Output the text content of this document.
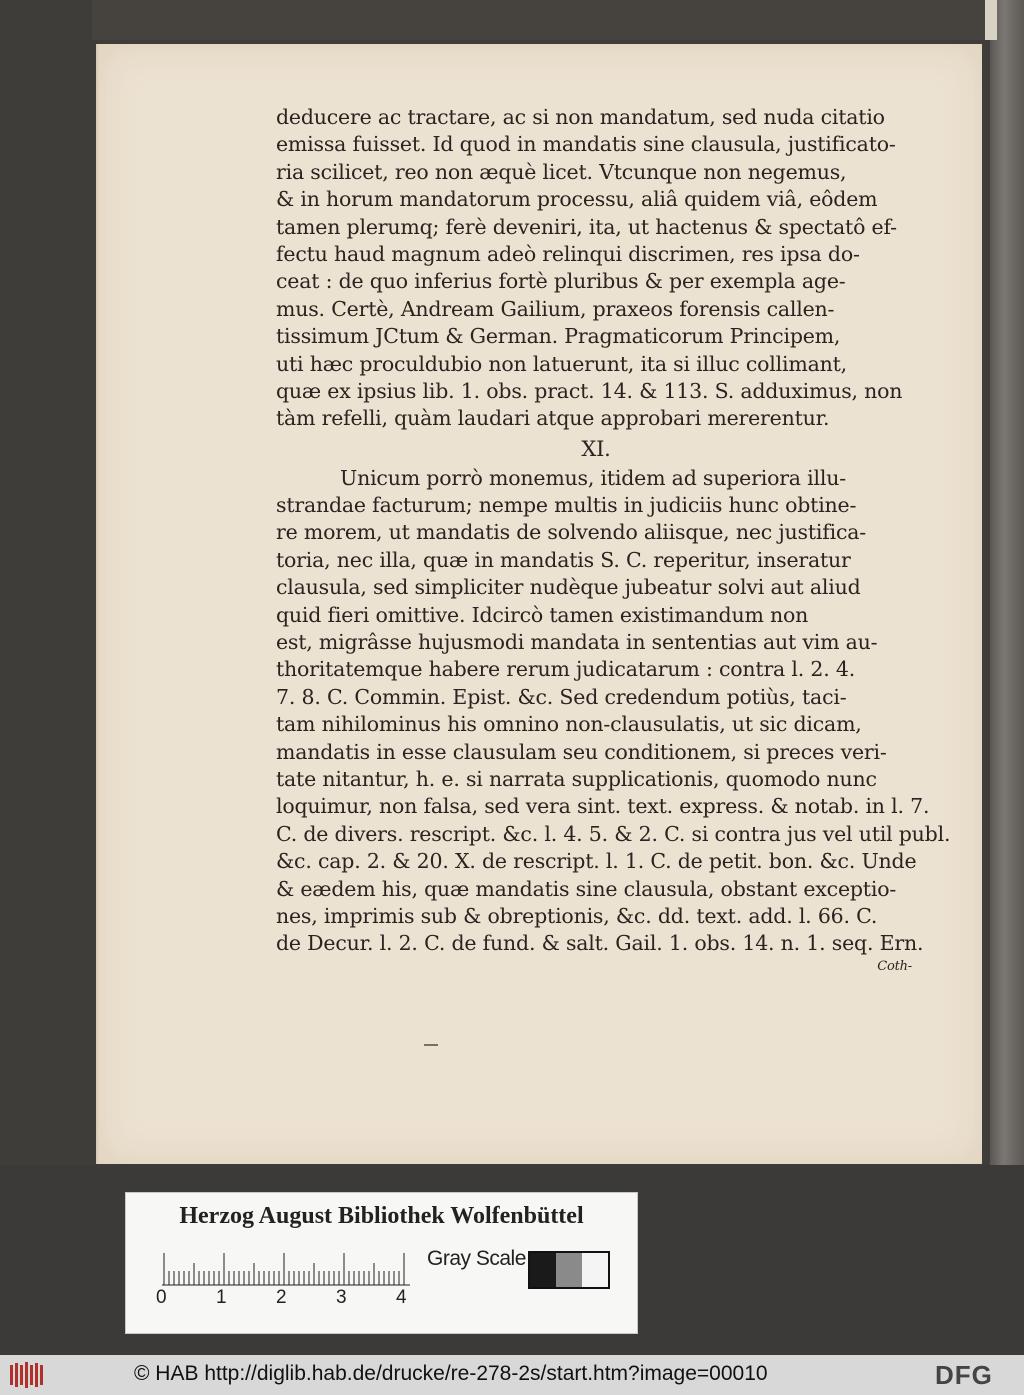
deducere ac tractare, ac si non mandatum, sed nuda citatio
emissa fuisset. Id quod in mandatis sine clausula, justificato-
ria scilicet, reo non æquè licet. Vtcunque non negemus,
& in horum mandatorum processu, aliâ quidem viâ, eôdem
tamen plerumq; ferè deveniri, ita, ut hactenus & spectatô ef-
fectu haud magnum adeò relinqui discrimen, res ipsa do-
ceat : de quo inferius fortè pluribus & per exempla age-
mus. Certè, Andream Gailium, praxeos forensis callen-
tissimum JCtum & German. Pragmaticorum Principem,
uti hæc proculdubio non latuerunt, ita si illuc collimant,
quæ ex ipsius lib. 1. obs. pract. 14. & 113. S. adduximus, non
tàm refelli, quàm laudari atque approbari mererentur.
XI.
Unicum porrò monemus, itidem ad superiora illu-
strandae facturum; nempe multis in judiciis hunc obtine-
re morem, ut mandatis de solvendo aliisque, nec justifica-
toria, nec illa, quæ in mandatis S. C. reperitur, inseratur
clausula, sed simpliciter nudèque jubeatur solvi aut aliud
quid fieri omittive. Idcircò tamen existimandum non
est, migrâsse hujusmodi mandata in sententias aut vim au-
thoritatemque habere rerum judicatarum : contra l. 2. 4.
7. 8. C. Commin. Epist. &c. Sed credendum potiùs, taci-
tam nihilominus his omnino non-clausulatis, ut sic dicam,
mandatis in esse clausulam seu conditionem, si preces veri-
tate nitantur, h. e. si narrata supplicationis, quomodo nunc
loquimur, non falsa, sed vera sint. text. express. & notab. in l. 7.
C. de divers. rescript. &c. l. 4. 5. & 2. C. si contra jus vel util publ.
&c. cap. 2. & 20. X. de rescript. l. 1. C. de petit. bon. &c. Unde
& eædem his, quæ mandatis sine clausula, obstant exceptio-
nes, imprimis sub & obreptionis, &c. dd. text. add. l. 66. C.
de Decur. l. 2. C. de fund. & salt. Gail. 1. obs. 14. n. 1. seq. Ern.
Coth-
Herzog August Bibliothek Wolfenbüttel
0	1	2	3	4
Gray Scale
© HAB http://diglib.hab.de/drucke/re-278-2s/start.htm?image=00010	DFG
